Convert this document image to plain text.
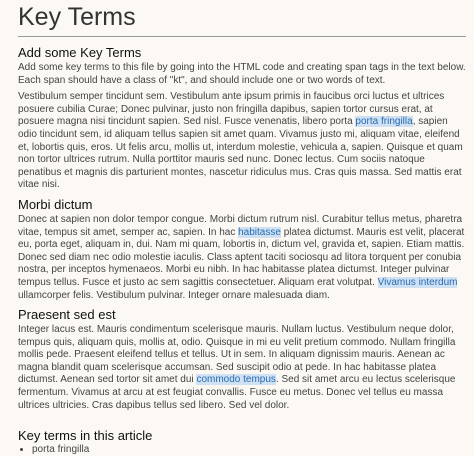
Key Terms
Add some Key Terms

Add some key terms to this file by going into the HTML code and creating span tags in the text below. Each span should have a class of "kt", and should include one or two words of text.

Vestibulum semper tincidunt sem. Vestibulum ante ipsum primis in faucibus orci luctus et ultrices posuere cubilia Curae; Donec pulvinar, justo non fringilla dapibus, sapien tortor cursus erat, at posuere magna nisi tincidunt sapien. Sed nisl. Fusce venenatis, libero porta porta fringilla, sapien odio tincidunt sem, id aliquam tellus sapien sit amet quam. Vivamus justo mi, aliquam vitae, eleifend et, lobortis quis, eros. Ut felis arcu, mollis ut, interdum molestie, vehicula a, sapien. Quisque et quam non tortor ultrices rutrum. Nulla porttitor mauris sed nunc. Donec lectus. Cum sociis natoque penatibus et magnis dis parturient montes, nascetur ridiculus mus. Cras quis massa. Sed mattis erat vitae nisi.

Morbi dictum

Donec at sapien non dolor tempor congue. Morbi dictum rutrum nisl. Curabitur tellus metus, pharetra vitae, tempus sit amet, semper ac, sapien. In hac habitasse platea dictumst. Mauris est velit, placerat eu, porta eget, aliquam in, dui. Nam mi quam, lobortis in, dictum vel, gravida et, sapien. Etiam mattis. Donec sed diam nec odio molestie iaculis. Class aptent taciti sociosqu ad litora torquent per conubia nostra, per inceptos hymenaeos. Morbi eu nibh. In hac habitasse platea dictumst. Integer pulvinar tempus tellus. Fusce et justo ac sem sagittis consectetuer. Aliquam erat volutpat. Vivamus interdum ullamcorper felis. Vestibulum pulvinar. Integer ornare malesuada diam.

Praesent sed est

Integer lacus est. Mauris condimentum scelerisque mauris. Nullam luctus. Vestibulum neque dolor, tempus quis, aliquam quis, mollis at, odio. Quisque in mi eu velit pretium commodo. Nullam fringilla mollis pede. Praesent eleifend tellus et tellus. Ut in sem. In aliquam dignissim mauris. Aenean ac magna blandit quam scelerisque accumsan. Sed suscipit odio at pede. In hac habitasse platea dictumst. Aenean sed tortor sit amet dui commodo tempus. Sed sit amet arcu eu lectus scelerisque fermentum. Vivamus at arcu at est feugiat convallis. Fusce eu metus. Donec vel tellus eu massa ultrices ultricies. Cras dapibus tellus sed libero. Sed vel dolor.

Key terms in this article
• porta fringilla
